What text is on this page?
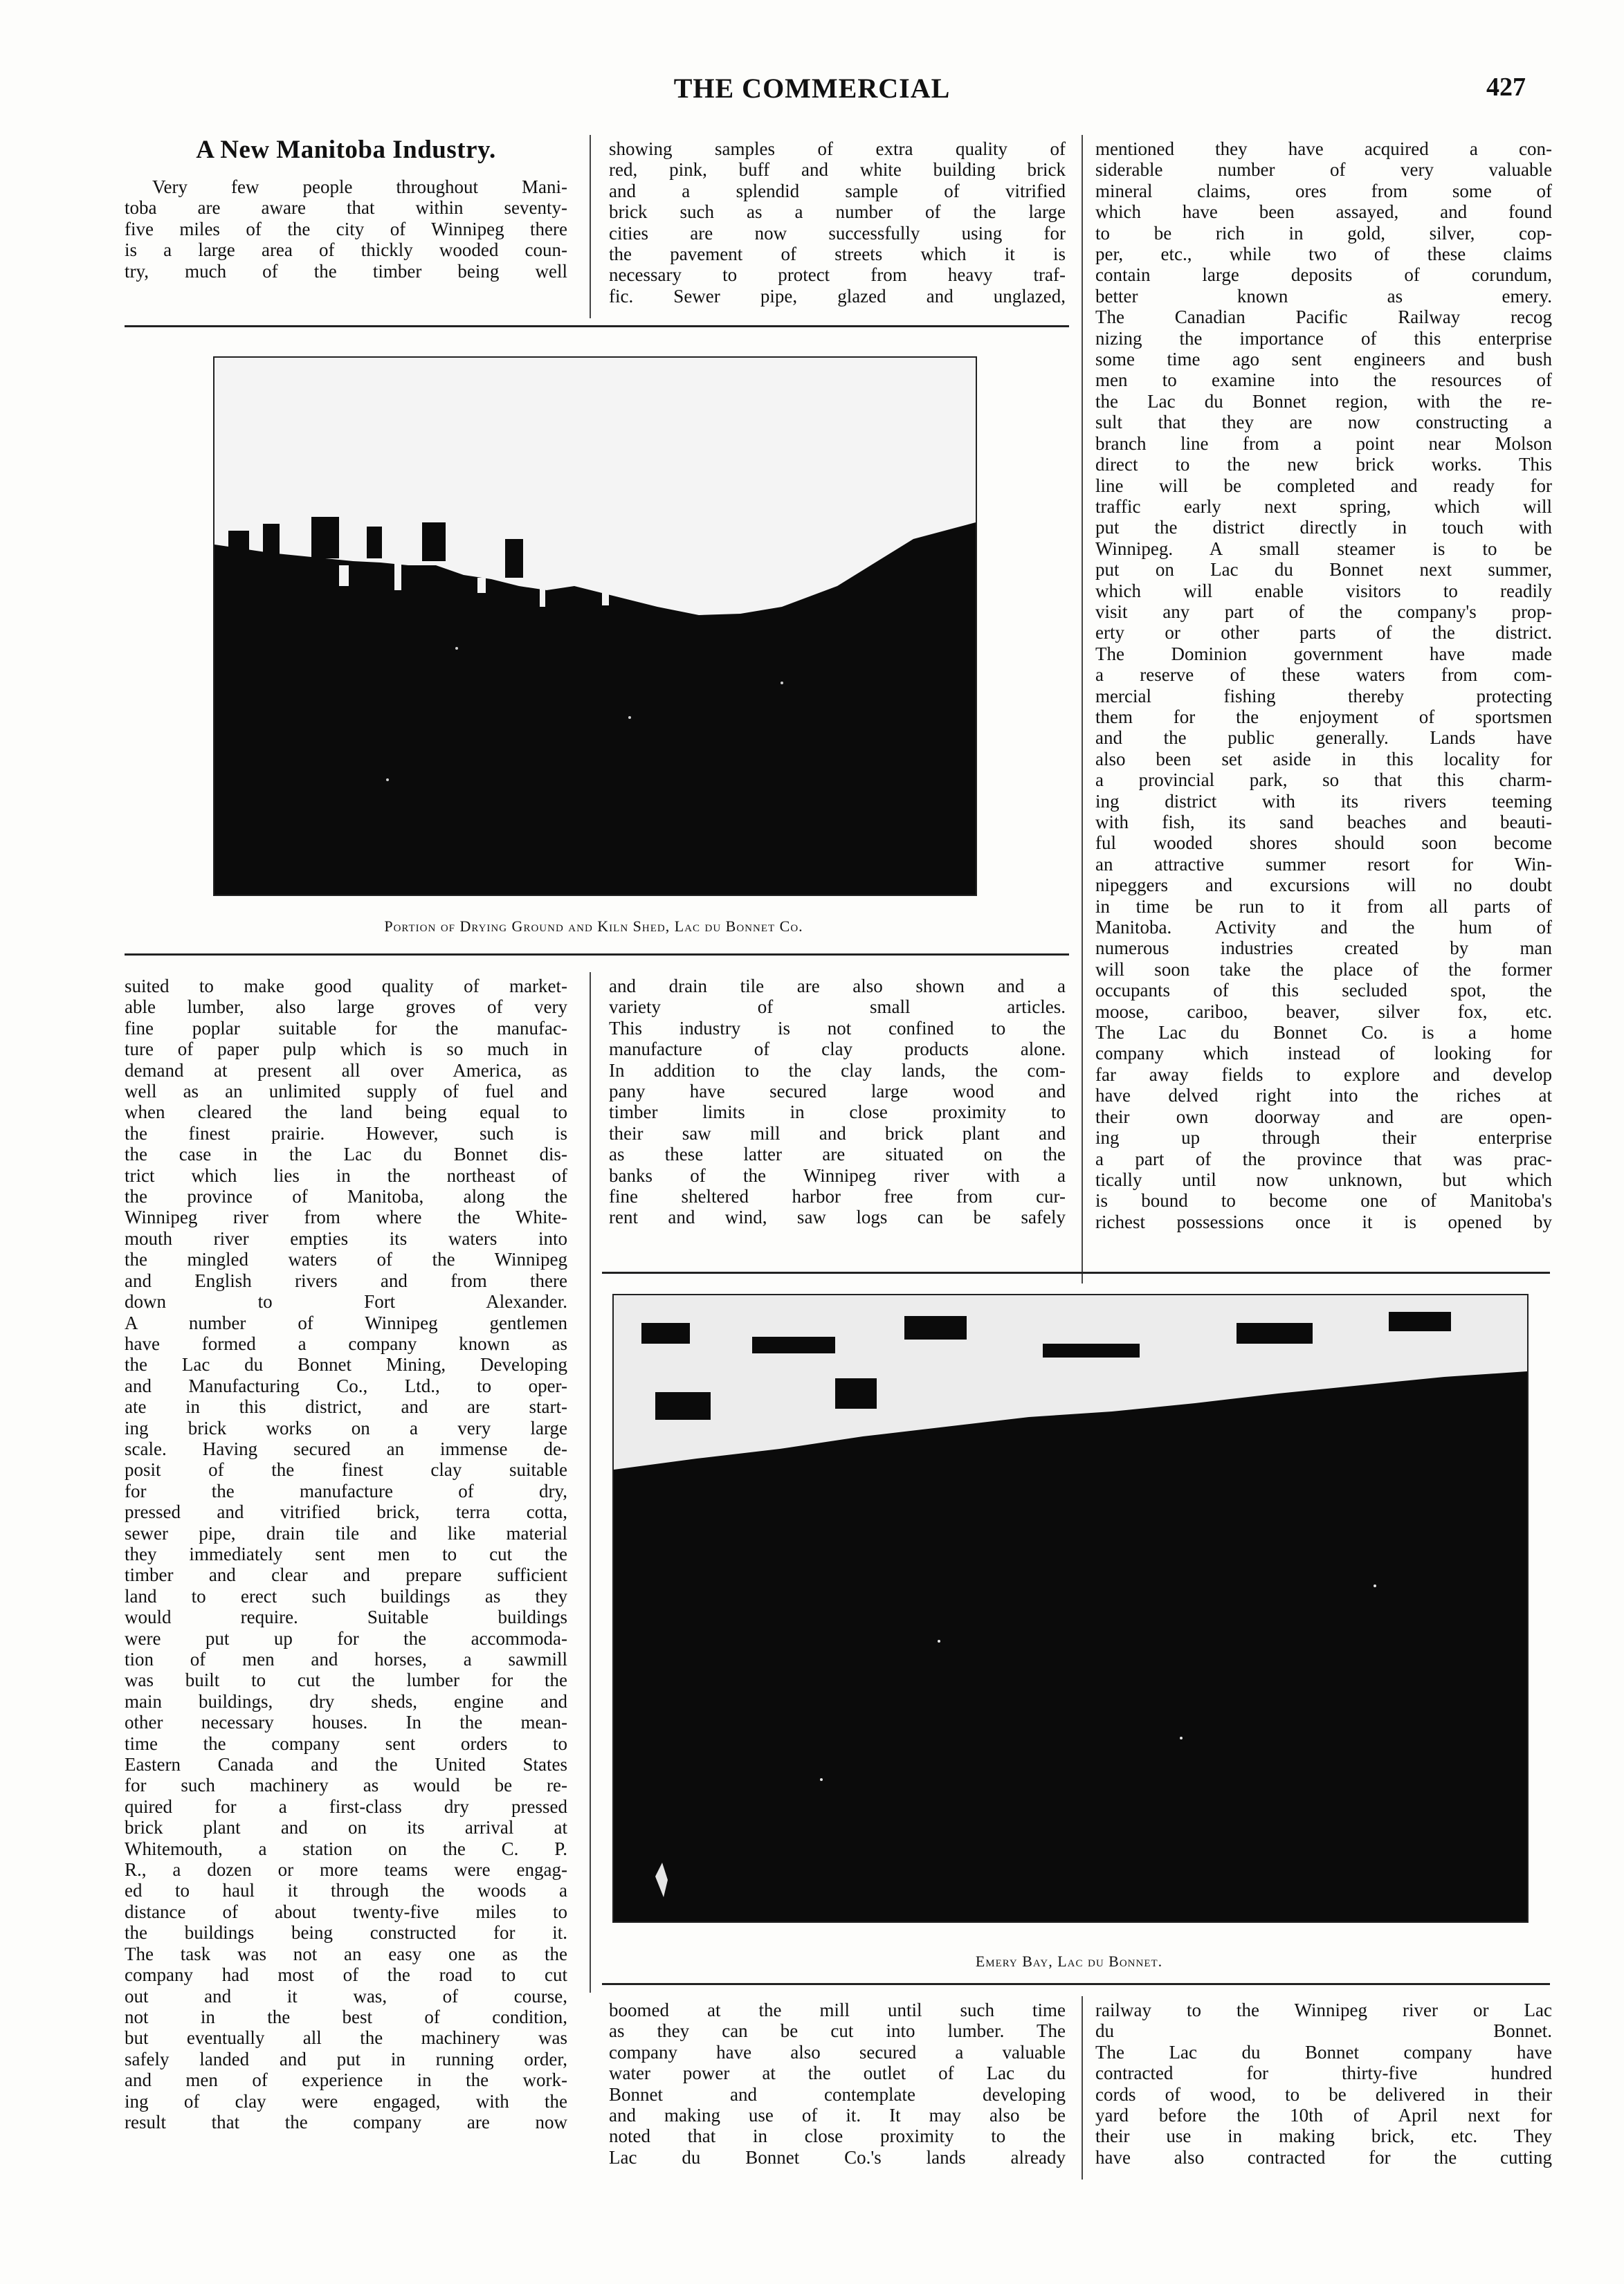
THE COMMERCIAL	427
A New Manitoba Industry.

Very few people throughout Mani-
toba are aware that within seventy-
five miles of the city of Winnipeg there
is a large area of thickly wooded coun-
try, much of the timber being well

showing samples of extra quality of
red, pink, buff and white building brick
and a splendid sample of vitrified
brick such as a number of the large
cities are now successfully using for
the pavement of streets which it is
necessary to protect from heavy traf-
fic. Sewer pipe, glazed and unglazed,

mentioned they have acquired a con-
siderable number of very valuable
mineral claims, ores from some of
which have been assayed, and found
to be rich in gold, silver, cop-
per, etc., while two of these claims
contain large deposits of corundum,
better known as emery.
The Canadian Pacific Railway recog
nizing the importance of this enterprise
some time ago sent engineers and bush
men to examine into the resources of
the Lac du Bonnet region, with the re-
sult that they are now constructing a
branch line from a point near Molson
direct to the new brick works. This
line will be completed and ready for
traffic early next spring, which will
put the district directly in touch with
Winnipeg. A small steamer is to be
put on Lac du Bonnet next summer,
which will enable visitors to readily
visit any part of the company's prop-
erty or other parts of the district.
The Dominion government have made
a reserve of these waters from com-
mercial fishing thereby protecting
them for the enjoyment of sportsmen
and the public generally. Lands have
also been set aside in this locality for
a provincial park, so that this charm-
ing district with its rivers teeming
with fish, its sand beaches and beauti-
ful wooded shores should soon become
an attractive summer resort for Win-
nipeggers and excursions will no doubt
in time be run to it from all parts of
Manitoba. Activity and the hum of
numerous industries created by man
will soon take the place of the former
occupants of this secluded spot, the
moose, cariboo, beaver, silver fox, etc.
The Lac du Bonnet Co. is a home
company which instead of looking for
far away fields to explore and develop
have delved right into the riches at
their own doorway and are open-
ing up through their enterprise
a part of the province that was prac-
tically until now unknown, but which
is bound to become one of Manitoba's
richest possessions once it is opened by

Portion of Drying Ground and Kiln Shed, Lac du Bonnet Co.

suited to make good quality of market-
able lumber, also large groves of very
fine poplar suitable for the manufac-
ture of paper pulp which is so much in
demand at present all over America, as
well as an unlimited supply of fuel and
when cleared the land being equal to
the finest prairie. However, such is
the case in the Lac du Bonnet dis-
trict which lies in the northeast of
the province of Manitoba, along the
Winnipeg river from where the White-
mouth river empties its waters into
the mingled waters of the Winnipeg
and English rivers and from there
down to Fort Alexander.
A number of Winnipeg gentlemen
have formed a company known as
the Lac du Bonnet Mining, Developing
and Manufacturing Co., Ltd., to oper-
ate in this district, and are start-
ing brick works on a very large
scale. Having secured an immense de-
posit of the finest clay suitable
for the manufacture of dry,
pressed and vitrified brick, terra cotta,
sewer pipe, drain tile and like material
they immediately sent men to cut the
timber and clear and prepare sufficient
land to erect such buildings as they
would require. Suitable buildings
were put up for the accommoda-
tion of men and horses, a sawmill
was built to cut the lumber for the
main buildings, dry sheds, engine and
other necessary houses. In the mean-
time the company sent orders to
Eastern Canada and the United States
for such machinery as would be re-
quired for a first-class dry pressed
brick plant and on its arrival at
Whitemouth, a station on the C. P.
R., a dozen or more teams were engag-
ed to haul it through the woods a
distance of about twenty-five miles to
the buildings being constructed for it.
The task was not an easy one as the
company had most of the road to cut
out and it was, of course,
not in the best of condition,
but eventually all the machinery was
safely landed and put in running order,
and men of experience in the work-
ing of clay were engaged, with the
result that the company are now

and drain tile are also shown and a
variety of small articles.
This industry is not confined to the
manufacture of clay products alone.
In addition to the clay lands, the com-
pany have secured large wood and
timber limits in close proximity to
their saw mill and brick plant and
as these latter are situated on the
banks of the Winnipeg river with a
fine sheltered harbor free from cur-
rent and wind, saw logs can be safely

Emery Bay, Lac du Bonnet.

boomed at the mill until such time
as they can be cut into lumber. The
company have also secured a valuable
water power at the outlet of Lac du
Bonnet and contemplate developing
and making use of it. It may also be
noted that in close proximity to the
Lac du Bonnet Co.'s lands already

railway to the Winnipeg river or Lac
du Bonnet.
The Lac du Bonnet company have
contracted for thirty-five hundred
cords of wood, to be delivered in their
yard before the 10th of April next for
their use in making brick, etc. They
have also contracted for the cutting
